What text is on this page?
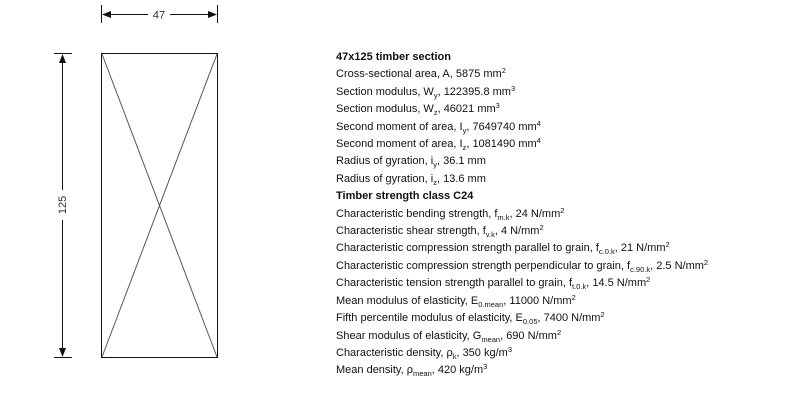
47
125
47x125 timber section
Cross-sectional area, A, 5875 $mm^2$
Section modulus, $W_y$, 122395.8 $mm^3$
Section modulus, $W_z$, 46021 $mm^3$
Second moment of area, $I_y$, 7649740 $mm^4$
Second moment of area, $I_z$, 1081490 $mm^4$
Radius of gyration, $i_y$, 36.1 mm
Radius of gyration, $i_z$, 13.6 mm
Timber strength class C24
Characteristic bending strength, $f_{m.k}$, 24 $N/mm^2$
Characteristic shear strength, $f_{v.k}$, 4 $N/mm^2$
Characteristic compression strength parallel to grain, $f_{c.0.k}$, 21 $N/mm^2$
Characteristic compression strength perpendicular to grain, $f_{c.90.k}$, 2.5 $N/mm^2$
Characteristic tension strength parallel to grain, $f_{t.0.k}$, 14.5 $N/mm^2$
Mean modulus of elasticity, $E_{0.mean}$, 11000 $N/mm^2$
Fifth percentile modulus of elasticity, $E_{0.05}$, 7400 $N/mm^2$
Shear modulus of elasticity, $G_{mean}$, 690 $N/mm^2$
Characteristic density, $\rho_k$, 350 $kg/m^3$
Mean density, $\rho_{mean}$, 420 $kg/m^3$
